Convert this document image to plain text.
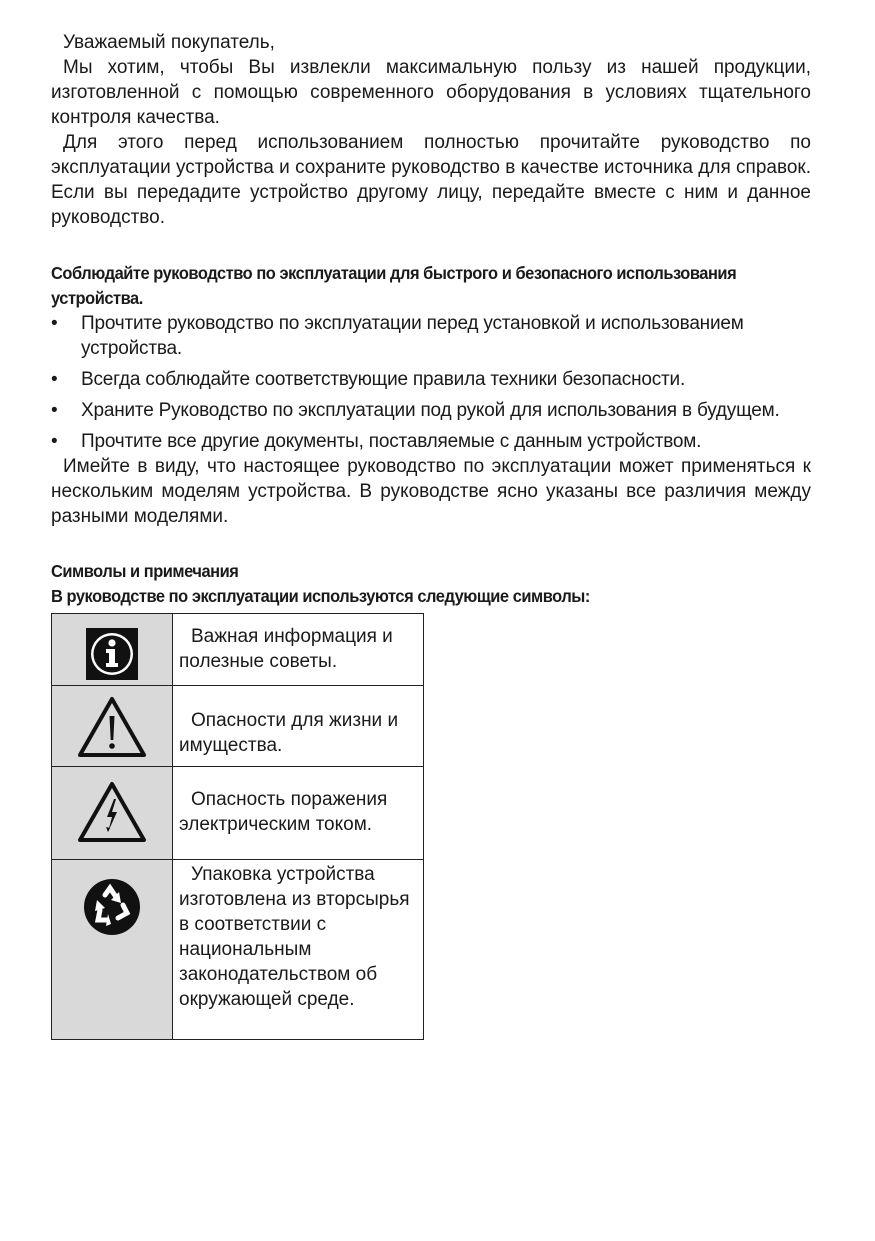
Уважаемый покупатель,

Мы хотим, чтобы Вы извлекли максимальную пользу из нашей продукции, изготовленной с помощью современного оборудования в условиях тщательного контроля качества.

Для этого перед использованием полностью прочитайте руководство по эксплуатации устройства и сохраните руководство в качестве источника для справок. Если вы передадите устройство другому лицу, передайте вместе с ним и данное руководство.

Соблюдайте руководство по эксплуатации для быстрого и безопасного использования устройства.

• Прочтите руководство по эксплуатации перед установкой и использованием устройства.
• Всегда соблюдайте соответствующие правила техники безопасности.
• Храните Руководство по эксплуатации под рукой для использования в будущем.
• Прочтите все другие документы, поставляемые с данным устройством.

Имейте в виду, что настоящее руководство по эксплуатации может применяться к нескольким моделям устройства. В руководстве ясно указаны все различия между разными моделями.

Символы и примечания

В руководстве по эксплуатации используются следующие символы:

	Важная информация и полезные советы.

	Опасности для жизни и имущества.

	Опасность поражения электрическим током.

	Упаковка устройства изготовлена из вторсырья в соответствии с национальным законодательством об окружающей среде.
